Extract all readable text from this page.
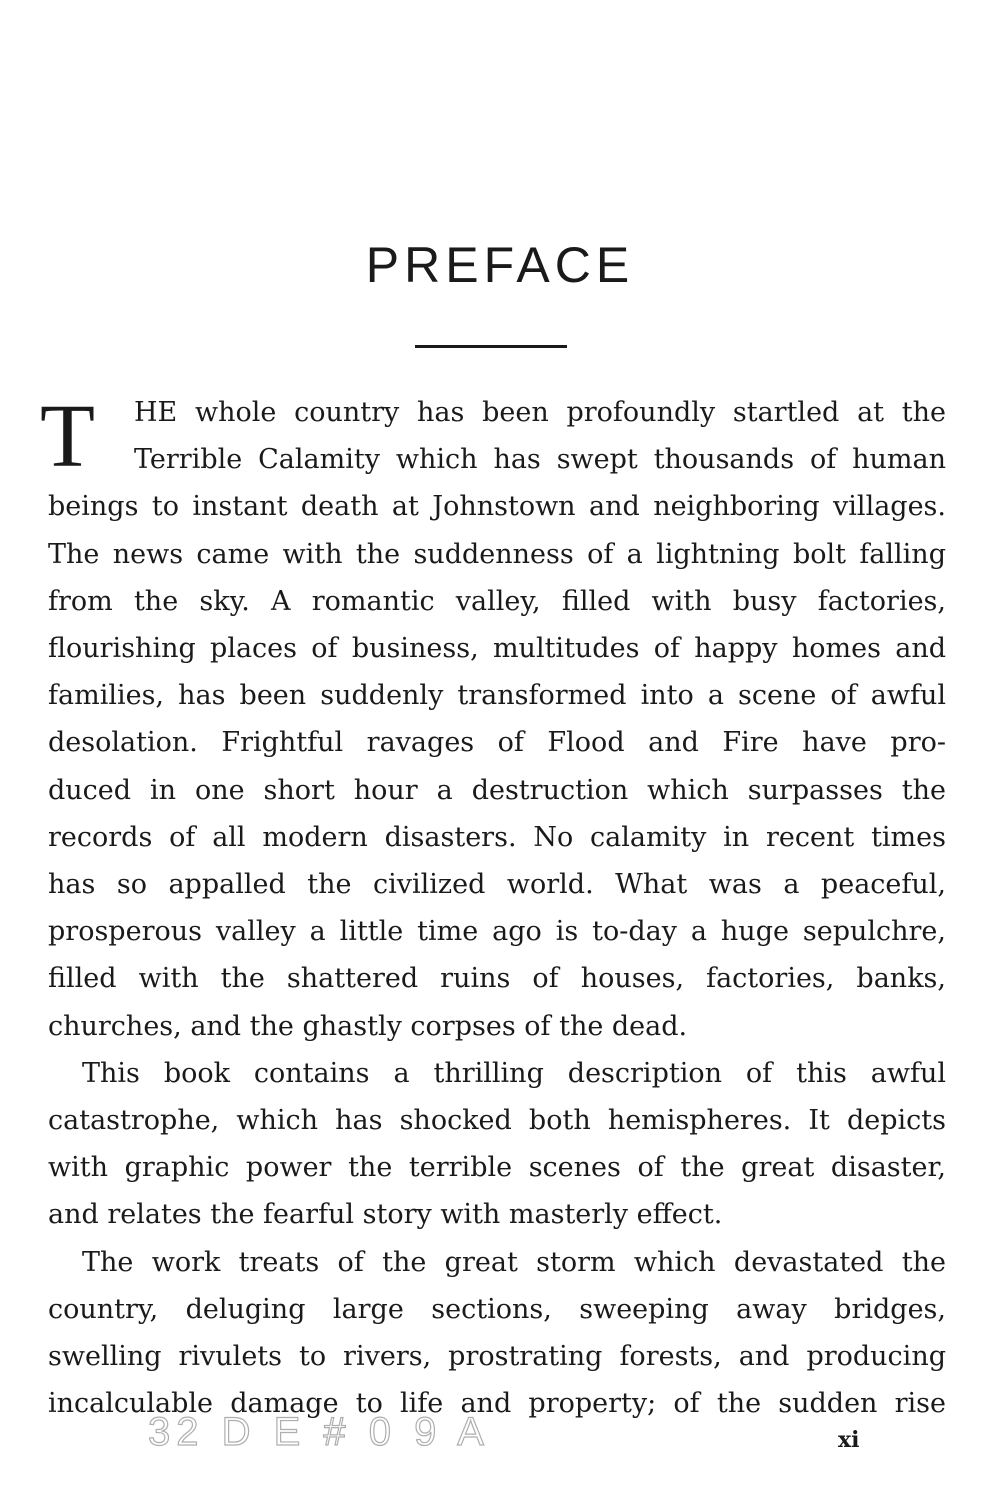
PREFACE
T	HE whole country has been profoundly startled at the

Terrible Calamity which has swept thousands of human

beings to instant death at Johnstown and neighboring villages.

The news came with the suddenness of a lightning bolt falling

from the sky. A romantic valley, filled with busy factories,

flourishing places of business, multitudes of happy homes and

families, has been suddenly transformed into a scene of awful

desolation. Frightful ravages of Flood and Fire have pro-

duced in one short hour a destruction which surpasses the

records of all modern disasters. No calamity in recent times

has so appalled the civilized world. What was a peaceful,

prosperous valley a little time ago is to-day a huge sepulchre,

filled with the shattered ruins of houses, factories, banks,

churches, and the ghastly corpses of the dead.

This book contains a thrilling description of this awful

catastrophe, which has shocked both hemispheres. It depicts

with graphic power the terrible scenes of the great disaster,

and relates the fearful story with masterly effect.

The work treats of the great storm which devastated the

country, deluging large sections, sweeping away bridges,

swelling rivulets to rivers, prostrating forests, and producing

incalculable damage to life and property; of the sudden rise

32 D E # 0 9 A	xi
